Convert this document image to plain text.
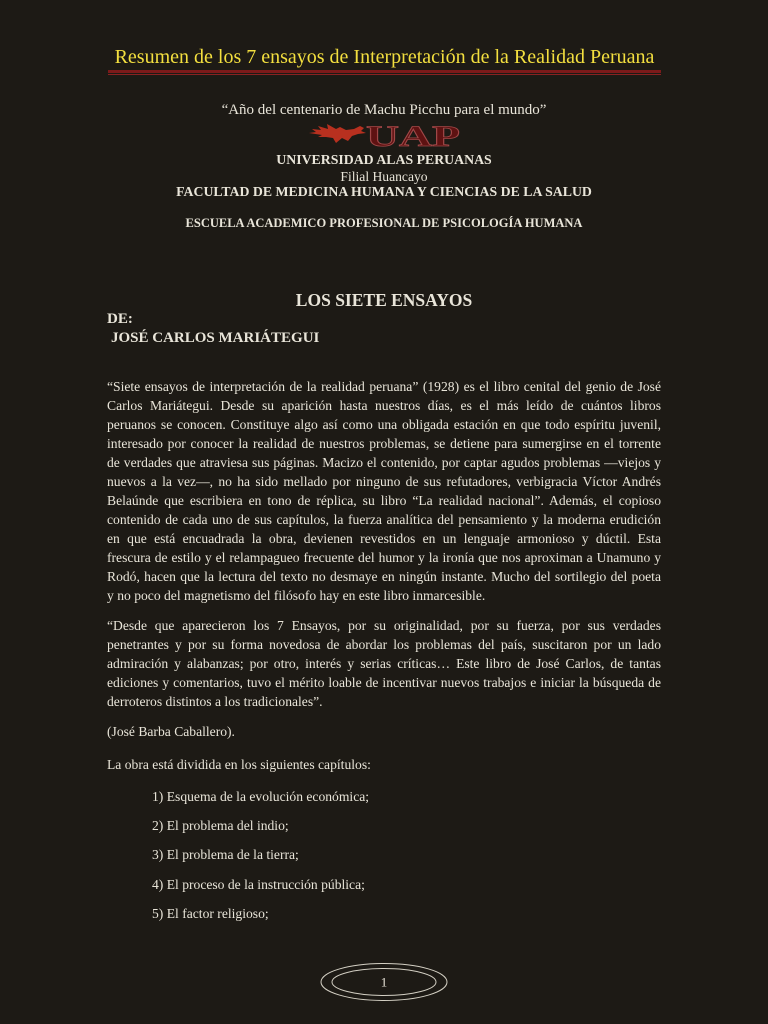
Resumen de los 7 ensayos de Interpretación de la Realidad Peruana
“Año del centenario de Machu Picchu para el mundo”
UAP
UNIVERSIDAD ALAS PERUANAS
Filial Huancayo
FACULTAD DE MEDICINA HUMANA Y CIENCIAS DE LA SALUD
ESCUELA ACADEMICO PROFESIONAL DE PSICOLOGÍA HUMANA
LOS SIETE ENSAYOS
DE:
JOSÉ CARLOS MARIÁTEGUI
“Siete ensayos de interpretación de la realidad peruana” (1928) es el libro cenital del genio de José
Carlos Mariátegui. Desde su aparición hasta nuestros días, es el más leído de cuántos libros
peruanos se conocen. Constituye algo así como una obligada estación en que todo espíritu juvenil,
interesado por conocer la realidad de nuestros problemas, se detiene para sumergirse en el torrente
de verdades que atraviesa sus páginas. Macizo el contenido, por captar agudos problemas —viejos y
nuevos a la vez—, no ha sido mellado por ninguno de sus refutadores, verbigracia Víctor Andrés
Belaúnde que escribiera en tono de réplica, su libro “La realidad nacional”. Además, el copioso
contenido de cada uno de sus capítulos, la fuerza analítica del pensamiento y la moderna erudición
en que está encuadrada la obra, devienen revestidos en un lenguaje armonioso y dúctil. Esta
frescura de estilo y el relampagueo frecuente del humor y la ironía que nos aproximan a Unamuno y
Rodó, hacen que la lectura del texto no desmaye en ningún instante. Mucho del sortilegio del poeta
y no poco del magnetismo del filósofo hay en este libro inmarcesible.
“Desde que aparecieron los 7 Ensayos, por su originalidad, por su fuerza, por sus verdades
penetrantes y por su forma novedosa de abordar los problemas del país, suscitaron por un lado
admiración y alabanzas; por otro, interés y serias críticas… Este libro de José Carlos, de tantas
ediciones y comentarios, tuvo el mérito loable de incentivar nuevos trabajos e iniciar la búsqueda de
derroteros distintos a los tradicionales”.
(José Barba Caballero).
La obra está dividida en los siguientes capítulos:
1) Esquema de la evolución económica;
2) El problema del indio;
3) El problema de la tierra;
4) El proceso de la instrucción pública;
5) El factor religioso;
1
